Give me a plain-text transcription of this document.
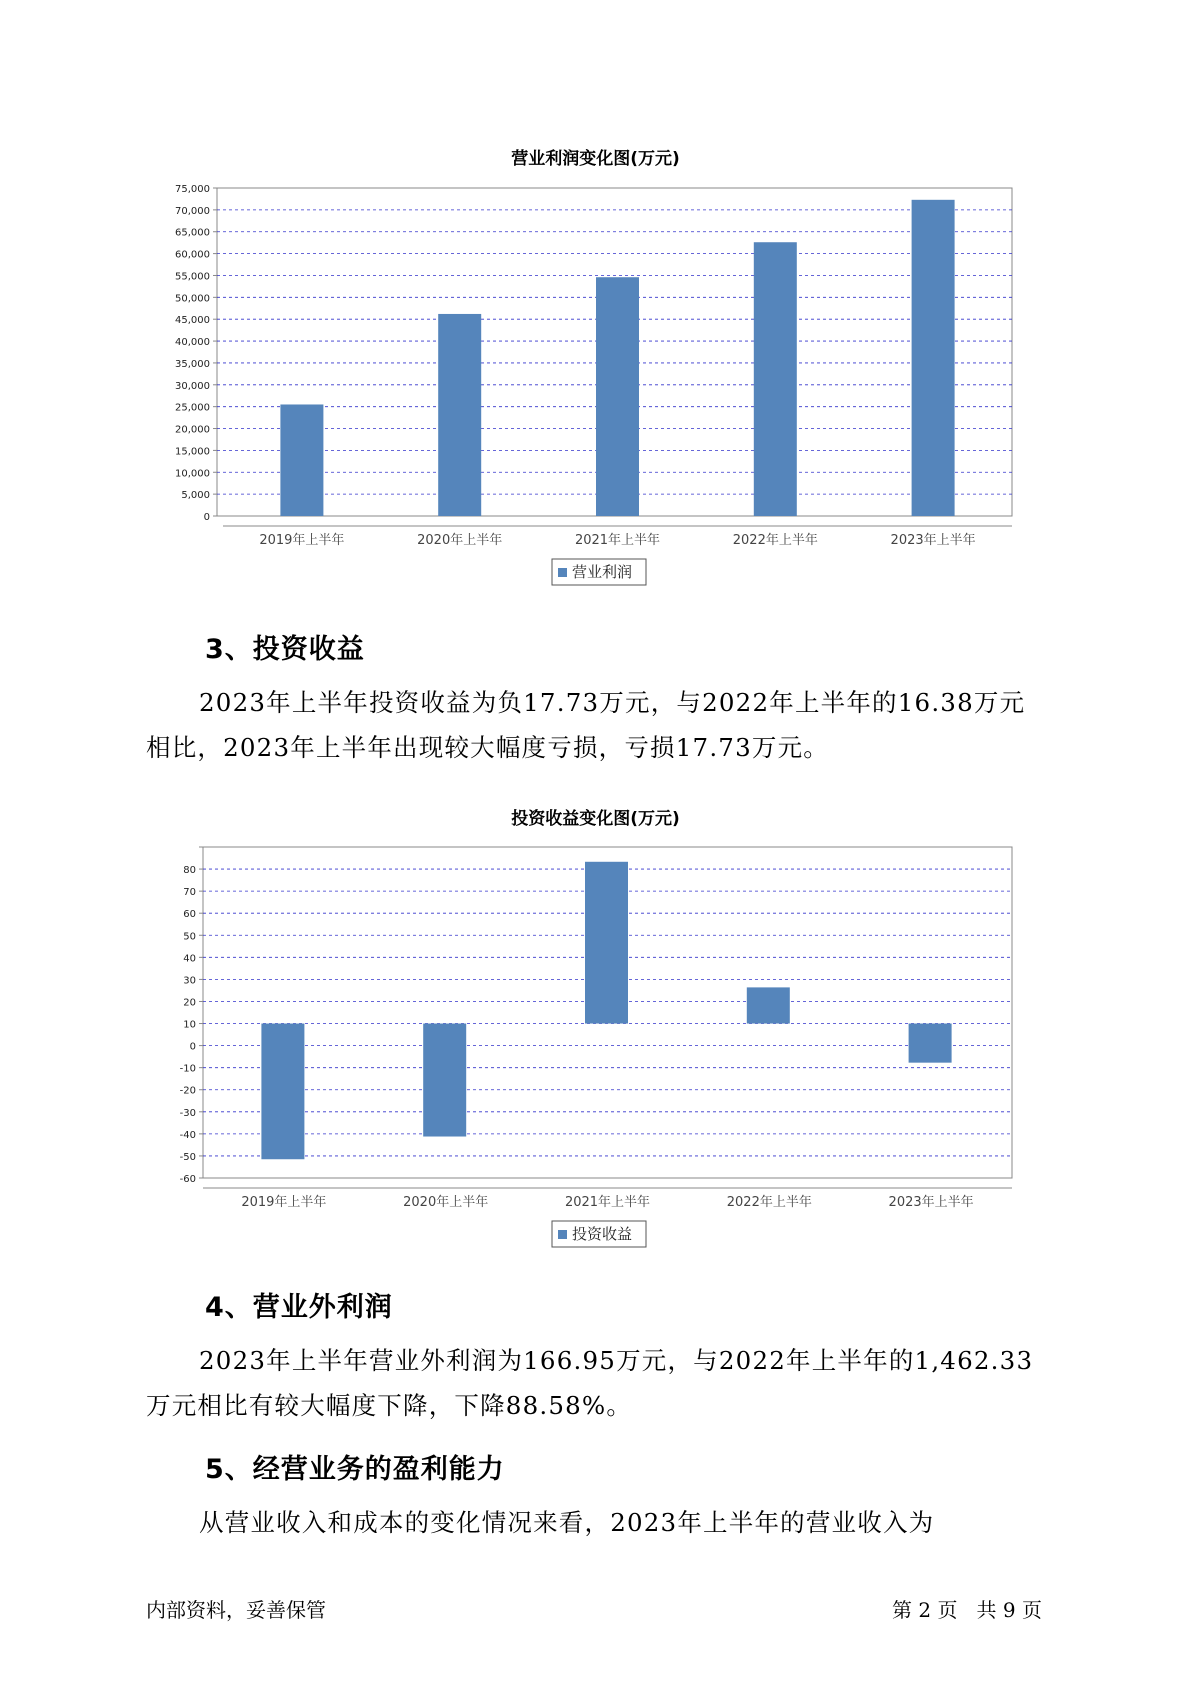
营业利润变化图(万元)
0
5,000
10,000
15,000
20,000
25,000
30,000
35,000
40,000
45,000
50,000
55,000
60,000
65,000
70,000
75,000
2019年上半年	2020年上半年	2021年上半年	2022年上半年	2023年上半年
营业利润
3、投资收益

2023年上半年投资收益为负17.73万元，与2022年上半年的16.38万元相比，2023年上半年出现较大幅度亏损，亏损17.73万元。

投资收益变化图(万元)
-60
-50
-40
-30
-20
-10
0
10
20
30
40
50
60
70
80
2019年上半年	2020年上半年	2021年上半年	2022年上半年	2023年上半年
投资收益
4、营业外利润

2023年上半年营业外利润为166.95万元，与2022年上半年的1,462.33万元相比有较大幅度下降，下降88.58%。

5、经营业务的盈利能力

从营业收入和成本的变化情况来看，2023年上半年的营业收入为

内部资料，妥善保管	第 2 页   共 9 页
